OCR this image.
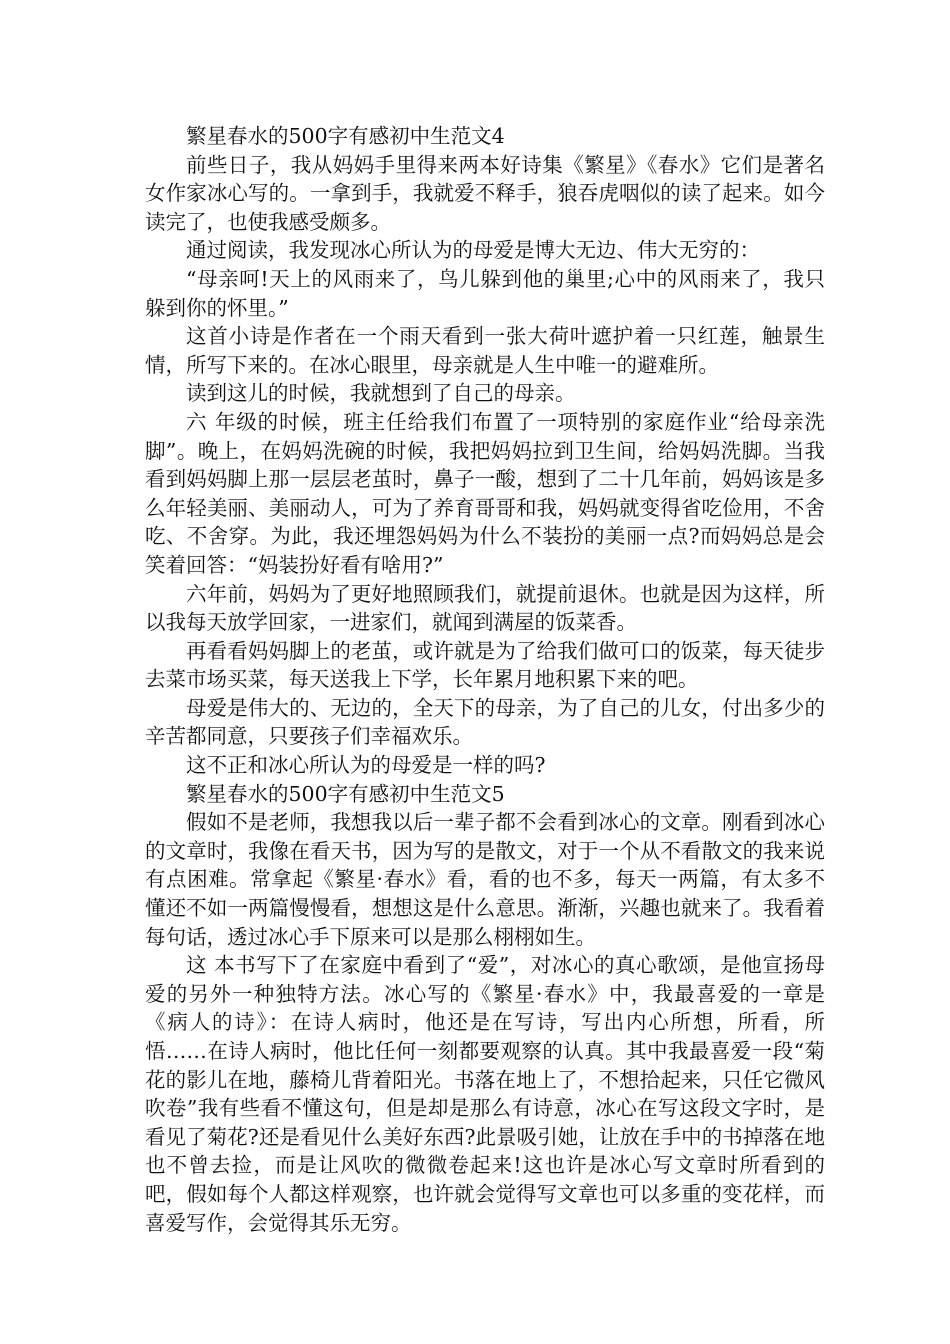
繁星春水的500字有感初中生范文4

前些日子，我从妈妈手里得来两本好诗集《繁星》《春水》它们是著名女作家冰心写的。一拿到手，我就爱不释手，狼吞虎咽似的读了起来。如今读完了，也使我感受颇多。

通过阅读，我发现冰心所认为的母爱是博大无边、伟大无穷的：

“母亲呵!天上的风雨来了，鸟儿躲到他的巢里;心中的风雨来了，我只躲到你的怀里。”

这首小诗是作者在一个雨天看到一张大荷叶遮护着一只红莲，触景生情，所写下来的。在冰心眼里，母亲就是人生中唯一的避难所。

读到这儿的时候，我就想到了自己的母亲。

六 年级的时候，班主任给我们布置了一项特别的家庭作业“给母亲洗脚”。晚上，在妈妈洗碗的时候，我把妈妈拉到卫生间，给妈妈洗脚。当我看到妈妈脚上那一层层老茧时，鼻子一酸，想到了二十几年前，妈妈该是多么年轻美丽、美丽动人，可为了养育哥哥和我，妈妈就变得省吃俭用，不舍吃、不舍穿。为此，我还埋怨妈妈为什么不装扮的美丽一点?而妈妈总是会笑着回答：“妈装扮好看有啥用?”

六年前，妈妈为了更好地照顾我们，就提前退休。也就是因为这样，所以我每天放学回家，一进家们，就闻到满屋的饭菜香。

再看看妈妈脚上的老茧，或许就是为了给我们做可口的饭菜，每天徒步去菜市场买菜，每天送我上下学，长年累月地积累下来的吧。

母爱是伟大的、无边的，全天下的母亲，为了自己的儿女，付出多少的辛苦都同意，只要孩子们幸福欢乐。

这不正和冰心所认为的母爱是一样的吗?

繁星春水的500字有感初中生范文5

假如不是老师，我想我以后一辈子都不会看到冰心的文章。刚看到冰心的文章时，我像在看天书，因为写的是散文，对于一个从不看散文的我来说有点困难。常拿起《繁星·春水》看，看的也不多，每天一两篇，有太多不懂还不如一两篇慢慢看，想想这是什么意思。渐渐，兴趣也就来了。我看着每句话，透过冰心手下原来可以是那么栩栩如生。

这 本书写下了在家庭中看到了“爱”，对冰心的真心歌颂，是他宣扬母爱的另外一种独特方法。冰心写的《繁星·春水》中，我最喜爱的一章是《病人的诗》：在诗人病时，他还是在写诗，写出内心所想，所看，所悟……在诗人病时，他比任何一刻都要观察的认真。其中我最喜爱一段“菊花的影儿在地，藤椅儿背着阳光。书落在地上了，不想拾起来，只任它微风吹卷”我有些看不懂这句，但是却是那么有诗意，冰心在写这段文字时，是看见了菊花?还是看见什么美好东西?此景吸引她，让放在手中的书掉落在地也不曾去捡，而是让风吹的微微卷起来!这也许是冰心写文章时所看到的吧，假如每个人都这样观察，也许就会觉得写文章也可以多重的变花样，而喜爱写作，会觉得其乐无穷。
